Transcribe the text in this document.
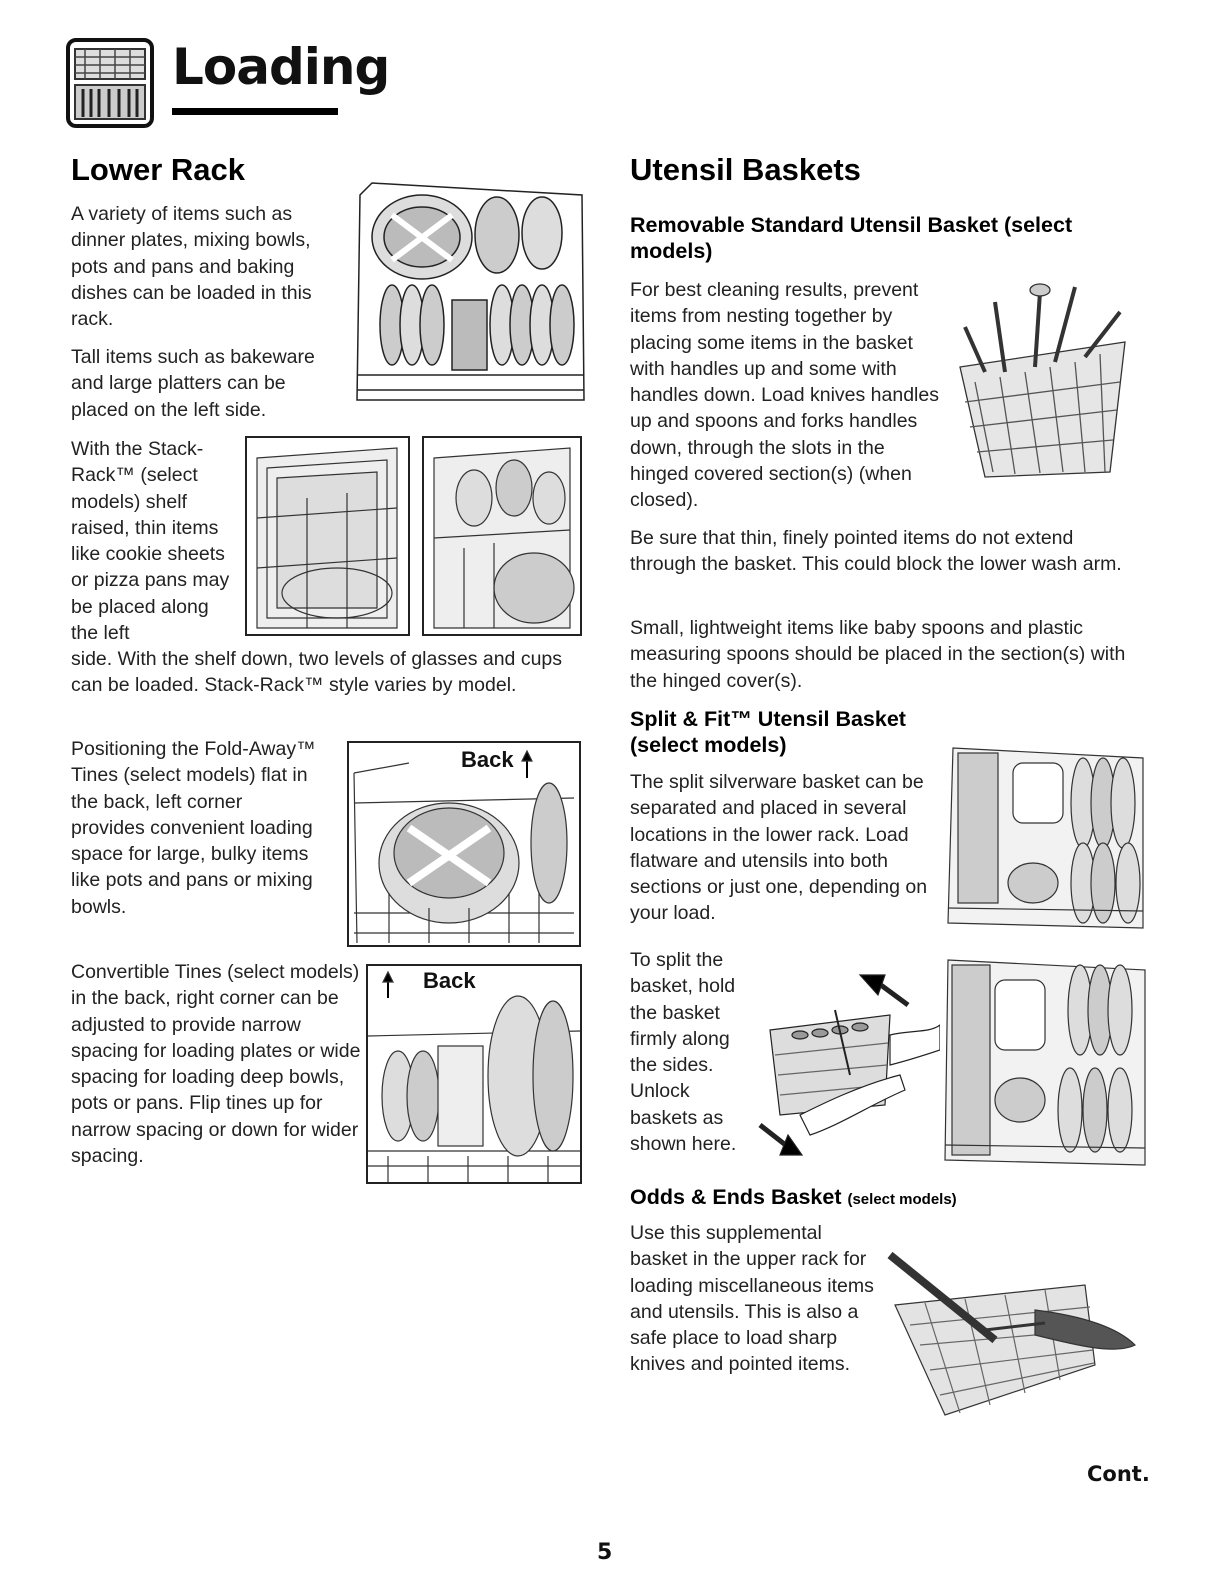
Loading
Lower Rack

A variety of items such as dinner plates, mixing bowls, pots and pans and baking dishes can be loaded in this rack.

Tall items such as bakeware and large platters can be placed on the left side.

With the Stack-Rack™ (select models) shelf raised, thin items like cookie sheets or pizza pans may be placed along the left

side. With the shelf down, two levels of glasses and cups can be loaded. Stack-Rack™ style varies by model.

Positioning the Fold-Away™ Tines (select models) flat in the back, left corner provides convenient loading space for large, bulky items like pots and pans or mixing bowls.

Convertible Tines (select models) in the back, right corner can be adjusted to provide narrow spacing for loading plates or wide spacing for loading deep bowls, pots or pans. Flip tines up for narrow spacing or down for wider spacing.

Back
Back
Utensil Baskets
Removable Standard Utensil Basket (select models)

For best cleaning results, prevent items from nesting together by placing some items in the basket with handles up and some with handles down. Load knives handles up and spoons and forks handles down, through the slots in the hinged covered section(s) (when closed).

Be sure that thin, finely pointed items do not extend through the basket. This could block the lower wash arm.

Small, lightweight items like baby spoons and plastic measuring spoons should be placed in the section(s) with the hinged cover(s).

Split & Fit™ Utensil Basket (select models)

The split silverware basket can be separated and placed in several locations in the lower rack. Load flatware and utensils into both sections or just one, depending on your load.

To split the basket, hold the basket firmly along the sides. Unlock baskets as shown here.

Odds & Ends Basket (select models)

Use this supplemental basket in the upper rack for loading miscellaneous items and utensils. This is also a safe place to load sharp knives and pointed items.

Cont.
5
